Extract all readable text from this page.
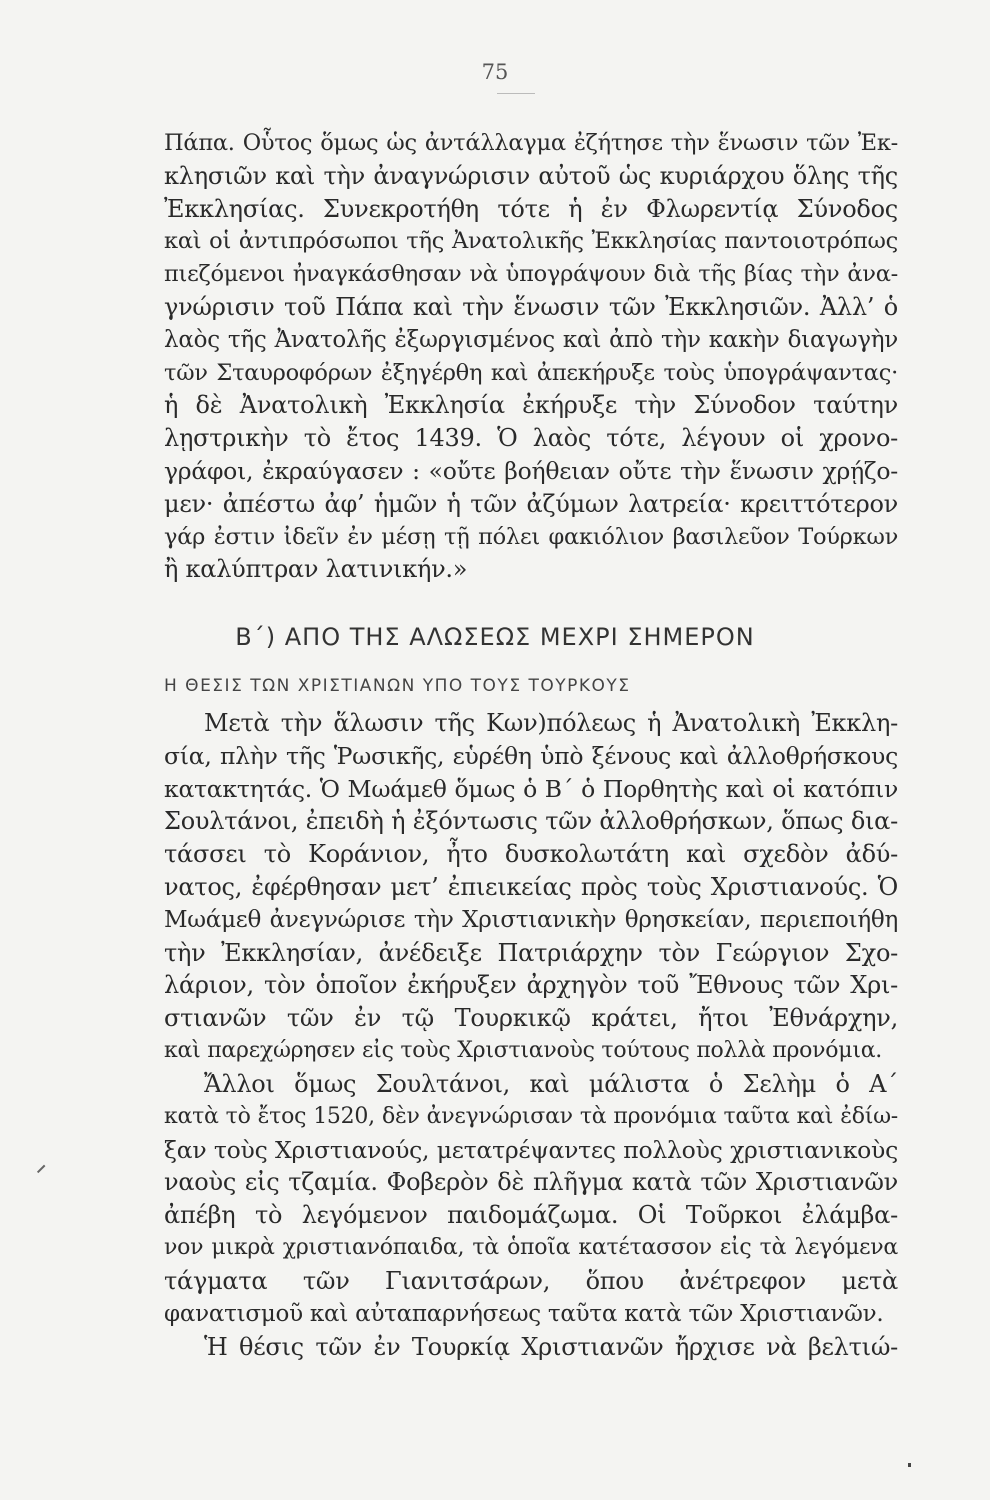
75
Πάπα. Οὗτος ὅμως ὡς ἀντάλλαγμα ἐζήτησε τὴν ἕνωσιν τῶν Ἐκ-
κλησιῶν καὶ τὴν ἀναγνώρισιν αὐτοῦ ὡς κυριάρχου ὅλης τῆς
Ἐκκλησίας. Συνεκροτήθη τότε ἡ ἐν Φλωρεντίᾳ Σύνοδος
καὶ οἱ ἀντιπρόσωποι τῆς Ἀνατολικῆς Ἐκκλησίας παντοιοτρόπως
πιεζόμενοι ἠναγκάσθησαν νὰ ὑπογράψουν διὰ τῆς βίας τὴν ἀνα-
γνώρισιν τοῦ Πάπα καὶ τὴν ἕνωσιν τῶν Ἐκκλησιῶν. Ἀλλ’ ὁ
λαὸς τῆς Ἀνατολῆς ἐξωργισμένος καὶ ἀπὸ τὴν κακὴν διαγωγὴν
τῶν Σταυροφόρων ἐξηγέρθη καὶ ἀπεκήρυξε τοὺς ὑπογράψαντας·
ἡ δὲ Ἀνατολικὴ Ἐκκλησία ἐκήρυξε τὴν Σύνοδον ταύτην
λῃστρικὴν τὸ ἔτος 1439. Ὁ λαὸς τότε, λέγουν οἱ χρονο-
γράφοι, ἐκραύγασεν : «οὔτε βοήθειαν οὔτε τὴν ἕνωσιν χρῄζο-
μεν· ἀπέστω ἀφ’ ἡμῶν ἡ τῶν ἀζύμων λατρεία· κρειττότερον
γάρ ἐστιν ἰδεῖν ἐν μέσῃ τῇ πόλει φακιόλιον βασιλεῦον Τούρκων
ἢ καλύπτραν λατινικήν.»
Β΄) ΑΠΟ ΤΗΣ ΑΛΩΣΕΩΣ ΜΕΧΡΙ ΣΗΜΕΡΟΝ
Η ΘΕΣΙΣ ΤΩΝ ΧΡΙΣΤΙΑΝΩΝ ΥΠΟ ΤΟΥΣ ΤΟΥΡΚΟΥΣ
Μετὰ τὴν ἅλωσιν τῆς Κων)πόλεως ἡ Ἀνατολικὴ Ἐκκλη-
σία, πλὴν τῆς Ῥωσικῆς, εὑρέθη ὑπὸ ξένους καὶ ἀλλοθρήσκους
κατακτητάς. Ὁ Μωάμεθ ὅμως ὁ Β΄ ὁ Πορθητὴς καὶ οἱ κατόπιν
Σουλτάνοι, ἐπειδὴ ἡ ἐξόντωσις τῶν ἀλλοθρήσκων, ὅπως δια-
τάσσει τὸ Κοράνιον, ἦτο δυσκολωτάτη καὶ σχεδὸν ἀδύ-
νατος, ἐφέρθησαν μετ’ ἐπιεικείας πρὸς τοὺς Χριστιανούς. Ὁ
Μωάμεθ ἀνεγνώρισε τὴν Χριστιανικὴν θρησκείαν, περιεποιήθη
τὴν Ἐκκλησίαν, ἀνέδειξε Πατριάρχην τὸν Γεώργιον Σχο-
λάριον, τὸν ὁποῖον ἐκήρυξεν ἀρχηγὸν τοῦ Ἔθνους τῶν Χρι-
στιανῶν τῶν ἐν τῷ Τουρκικῷ κράτει, ἤτοι Ἐθνάρχην,
καὶ παρεχώρησεν εἰς τοὺς Χριστιανοὺς τούτους πολλὰ προνόμια.
Ἄλλοι ὅμως Σουλτάνοι, καὶ μάλιστα ὁ Σελὴμ ὁ Α΄
κατὰ τὸ ἔτος 1520, δὲν ἀνεγνώρισαν τὰ προνόμια ταῦτα καὶ ἐδίω-
ξαν τοὺς Χριστιανούς, μετατρέψαντες πολλοὺς χριστιανικοὺς
ναοὺς εἰς τζαμία. Φοβερὸν δὲ πλῆγμα κατὰ τῶν Χριστιανῶν
ἀπέβη τὸ λεγόμενον παιδομάζωμα. Οἱ Τοῦρκοι ἐλάμβα-
νον μικρὰ χριστιανόπαιδα, τὰ ὁποῖα κατέτασσον εἰς τὰ λεγόμενα
τάγματα τῶν Γιανιτσάρων, ὅπου ἀνέτρεφον μετὰ
φανατισμοῦ καὶ αὐταπαρνήσεως ταῦτα κατὰ τῶν Χριστιανῶν.
Ἡ θέσις τῶν ἐν Τουρκίᾳ Χριστιανῶν ἤρχισε νὰ βελτιώ-
